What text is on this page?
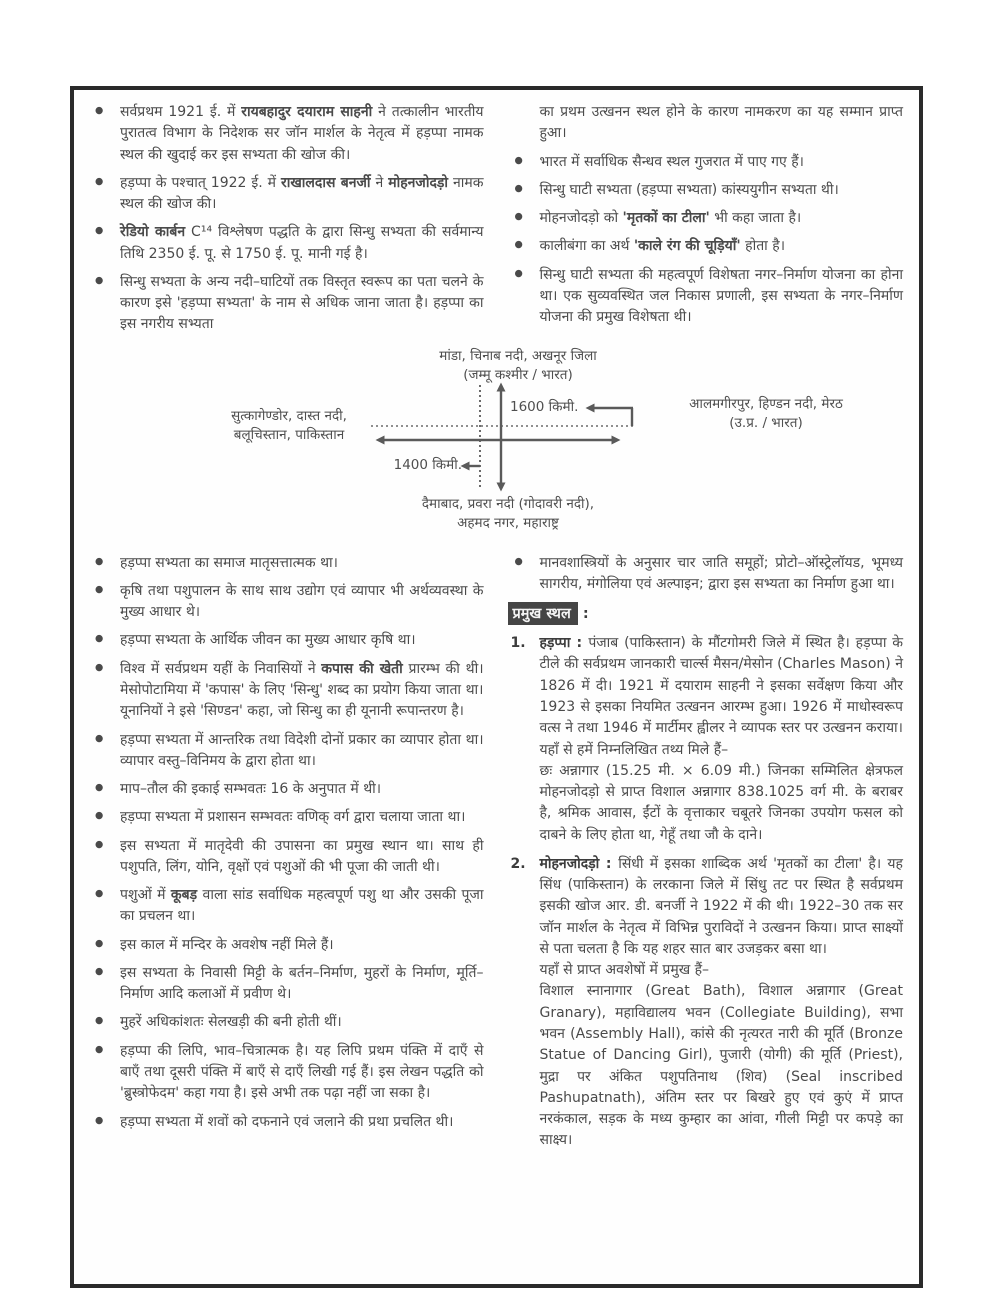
● सर्वप्रथम 1921 ई. में रायबहादुर दयाराम साहनी ने तत्कालीन भारतीय पुरातत्व विभाग के निदेशक सर जॉन मार्शल के नेतृत्व में हड़प्पा नामक स्थल की खुदाई कर इस सभ्यता की खोज की।
● हड़प्पा के पश्चात् 1922 ई. में राखालदास बनर्जी ने मोहनजोदड़ो नामक स्थल की खोज की।
● रेडियो कार्बन C¹⁴ विश्लेषण पद्धति के द्वारा सिन्धु सभ्यता की सर्वमान्य तिथि 2350 ई. पू. से 1750 ई. पू. मानी गई है।
● सिन्धु सभ्यता के अन्य नदी–घाटियों तक विस्तृत स्वरूप का पता चलने के कारण इसे 'हड़प्पा सभ्यता' के नाम से अधिक जाना जाता है। हड़प्पा का इस नगरीय सभ्यता

का प्रथम उत्खनन स्थल होने के कारण नामकरण का यह सम्मान प्राप्त हुआ।

● भारत में सर्वाधिक सैन्धव स्थल गुजरात में पाए गए हैं।
● सिन्धु घाटी सभ्यता (हड़प्पा सभ्यता) कांस्ययुगीन सभ्यता थी।
● मोहनजोदड़ो को 'मृतकों का टीला' भी कहा जाता है।
● कालीबंगा का अर्थ 'काले रंग की चूड़ियाँ' होता है।
● सिन्धु घाटी सभ्यता की महत्वपूर्ण विशेषता नगर–निर्माण योजना का होना था। एक सुव्यवस्थित जल निकास प्रणाली, इस सभ्यता के नगर–निर्माण योजना की प्रमुख विशेषता थी।
मांडा, चिनाब नदी, अखनूर जिला
(जम्मू कश्मीर / भारत)
सुत्कागेण्डोर, दास्त नदी,
बलूचिस्तान, पाकिस्तान
आलमगीरपुर, हिण्डन नदी, मेरठ
(उ.प्र. / भारत)
दैमाबाद, प्रवरा नदी (गोदावरी नदी),
अहमद नगर, महाराष्ट्र
1600 किमी.
1400 किमी.
● हड़प्पा सभ्यता का समाज मातृसत्तात्मक था।
● कृषि तथा पशुपालन के साथ साथ उद्योग एवं व्यापार भी अर्थव्यवस्था के मुख्य आधार थे।
● हड़प्पा सभ्यता के आर्थिक जीवन का मुख्य आधार कृषि था।
● विश्व में सर्वप्रथम यहीं के निवासियों ने कपास की खेती प्रारम्भ की थी। मेसोपोटामिया में 'कपास' के लिए 'सिन्धु' शब्द का प्रयोग किया जाता था। यूनानियों ने इसे 'सिण्डन' कहा, जो सिन्धु का ही यूनानी रूपान्तरण है।
● हड़प्पा सभ्यता में आन्तरिक तथा विदेशी दोनों प्रकार का व्यापार होता था। व्यापार वस्तु–विनिमय के द्वारा होता था।
● माप–तौल की इकाई सम्भवतः 16 के अनुपात में थी।
● हड़प्पा सभ्यता में प्रशासन सम्भवतः वणिक् वर्ग द्वारा चलाया जाता था।
● इस सभ्यता में मातृदेवी की उपासना का प्रमुख स्थान था। साथ ही पशुपति, लिंग, योनि, वृक्षों एवं पशुओं की भी पूजा की जाती थी।
● पशुओं में कूबड़ वाला सांड सर्वाधिक महत्वपूर्ण पशु था और उसकी पूजा का प्रचलन था।
● इस काल में मन्दिर के अवशेष नहीं मिले हैं।
● इस सभ्यता के निवासी मिट्टी के बर्तन–निर्माण, मुहरों के निर्माण, मूर्ति–निर्माण आदि कलाओं में प्रवीण थे।
● मुहरें अधिकांशतः सेलखड़ी की बनी होती थीं।
● हड़प्पा की लिपि, भाव–चित्रात्मक है। यह लिपि प्रथम पंक्ति में दाएँ से बाएँ तथा दूसरी पंक्ति में बाएँ से दाएँ लिखी गई हैं। इस लेखन पद्धति को 'ब्रुस्त्रोफेदम' कहा गया है। इसे अभी तक पढ़ा नहीं जा सका है।
● हड़प्पा सभ्यता में शवों को दफनाने एवं जलाने की प्रथा प्रचलित थी।
● मानवशास्त्रियों के अनुसार चार जाति समूहों; प्रोटो–ऑस्ट्रेलॉयड, भूमध्य सागरीय, मंगोलिया एवं अल्पाइन; द्वारा इस सभ्यता का निर्माण हुआ था।
प्रमुख स्थल :
1. हड़प्पा : पंजाब (पाकिस्तान) के मौंटगोमरी जिले में स्थित है। हड़प्पा के टीले की सर्वप्रथम जानकारी चार्ल्स मैसन/मेसोन (Charles Mason) ने 1826 में दी। 1921 में दयाराम साहनी ने इसका सर्वेक्षण किया और 1923 से इसका नियमित उत्खनन आरम्भ हुआ। 1926 में माधोस्वरूप वत्स ने तथा 1946 में मार्टीमर ह्वीलर ने व्यापक स्तर पर उत्खनन कराया। यहाँ से हमें निम्नलिखित तथ्य मिले हैं–

छः अन्नागार (15.25 मी. × 6.09 मी.) जिनका सम्मिलित क्षेत्रफल मोहनजोदड़ो से प्राप्त विशाल अन्नागार 838.1025 वर्ग मी. के बराबर है, श्रमिक आवास, ईंटों के वृत्ताकार चबूतरे जिनका उपयोग फसल को दाबने के लिए होता था, गेहूँ तथा जौ के दाने।

2. मोहनजोदड़ो : सिंधी में इसका शाब्दिक अर्थ 'मृतकों का टीला' है। यह सिंध (पाकिस्तान) के लरकाना जिले में सिंधु तट पर स्थित है सर्वप्रथम इसकी खोज आर. डी. बनर्जी ने 1922 में की थी। 1922–30 तक सर जॉन मार्शल के नेतृत्व में विभिन्न पुराविदों ने उत्खनन किया। प्राप्त साक्ष्यों से पता चलता है कि यह शहर सात बार उजड़कर बसा था।

यहाँ से प्राप्त अवशेषों में प्रमुख हैं–

विशाल स्नानागार (Great Bath), विशाल अन्नागार (Great Granary), महाविद्यालय भवन (Collegiate Building), सभा भवन (Assembly Hall), कांसे की नृत्यरत नारी की मूर्ति (Bronze Statue of Dancing Girl), पुजारी (योगी) की मूर्ति (Priest), मुद्रा पर अंकित पशुपतिनाथ (शिव) (Seal inscribed Pashupatnath), अंतिम स्तर पर बिखरे हुए एवं कुएं में प्राप्त नरकंकाल, सड़क के मध्य कुम्हार का आंवा, गीली मिट्टी पर कपड़े का साक्ष्य।
